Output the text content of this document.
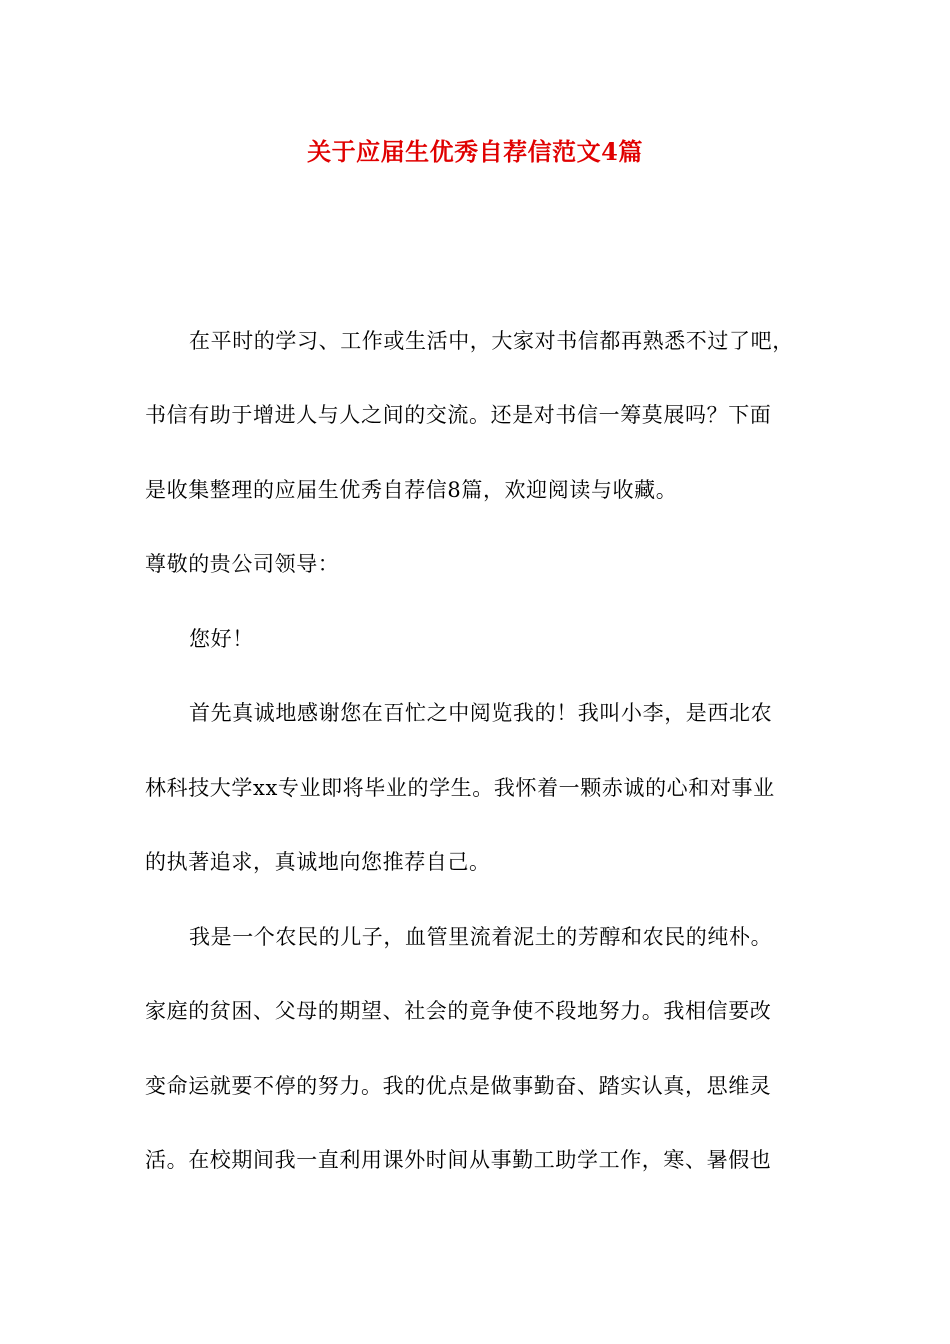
关于应届生优秀自荐信范文4篇
在平时的学习、工作或生活中，大家对书信都再熟悉不过了吧，
书信有助于增进人与人之间的交流。还是对书信一筹莫展吗？下面
是收集整理的应届生优秀自荐信8篇，欢迎阅读与收藏。
尊敬的贵公司领导：
您好！
首先真诚地感谢您在百忙之中阅览我的！我叫小李，是西北农
林科技大学xx专业即将毕业的学生。我怀着一颗赤诚的心和对事业
的执著追求，真诚地向您推荐自己。
我是一个农民的儿子，血管里流着泥土的芳醇和农民的纯朴。
家庭的贫困、父母的期望、社会的竟争使不段地努力。我相信要改
变命运就要不停的努力。我的优点是做事勤奋、踏实认真，思维灵
活。在校期间我一直利用课外时间从事勤工助学工作，寒、暑假也
